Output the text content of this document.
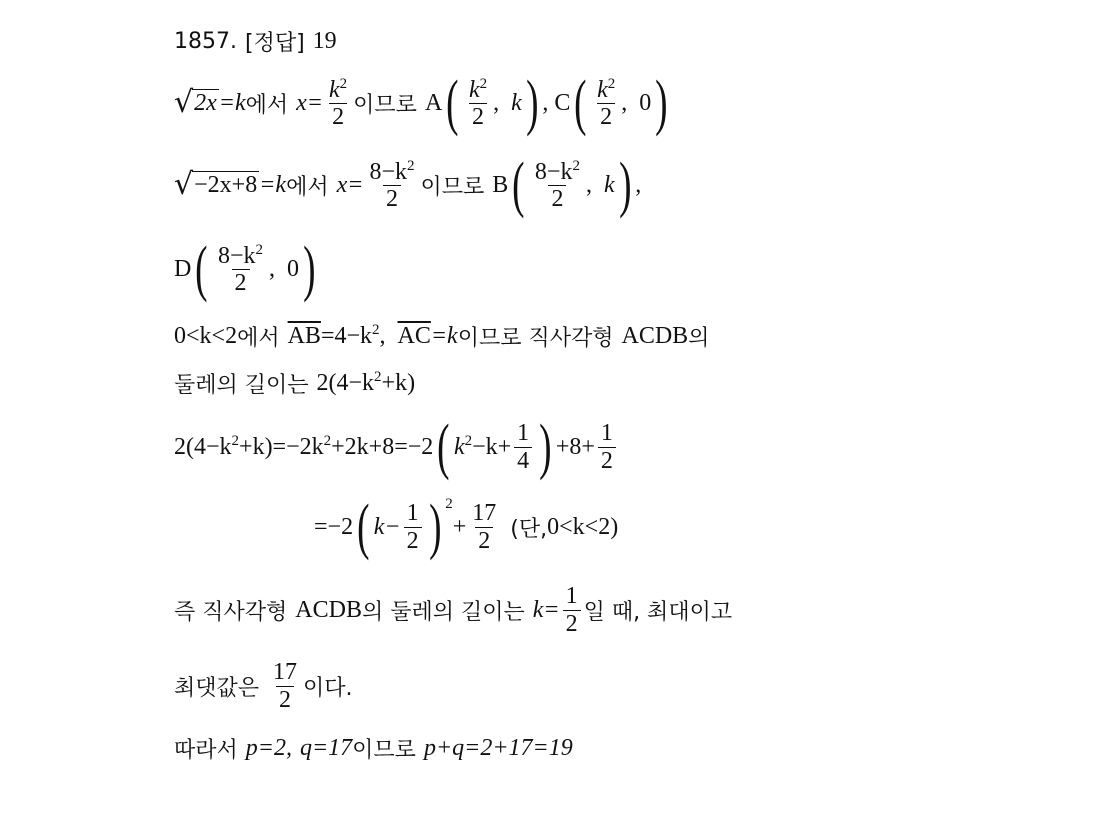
1857. [정답] 19
√ 2x =k 에서 $x= \frac{k^2}{2}$ 이므로 A ( $\frac{k^2}{2}$ , k ) , C ( $\frac{k^2}{2}$ , 0 )
√ −2x+8 =k 에서 $x= \frac{8-k^2}{2}$ 이므로 B ( $\frac{8-k^2}{2}$ , k ) ,
D ( $\frac{8-k^2}{2}$ , 0 )
0<k<2 에서 $\overline{AB} =4-k^2$, $\overline{AC} =k$ 이므로 직사각형 ACDB 의
둘레의 길이는 $2(4-k^2 +k)$
$2(4-k^2 +k)=-2k^2 +2k+8=-2$ ( $k^2 -k+ \frac{1}{4}$ ) $+8+ \frac{1}{2}$
=−2 ( $k- \frac{1}{2}$ ) $^2$
+ $\frac{17}{2}$ (단, 0<k<2)
즉 직사각형 ACDB 의 둘레의 길이는 $k= \frac{1}{2}$ 일 때, 최대이고
최댓값은 $\frac{17}{2}$ 이다.
따라서 p=2, q=17 이므로 p+q=2+17=19
